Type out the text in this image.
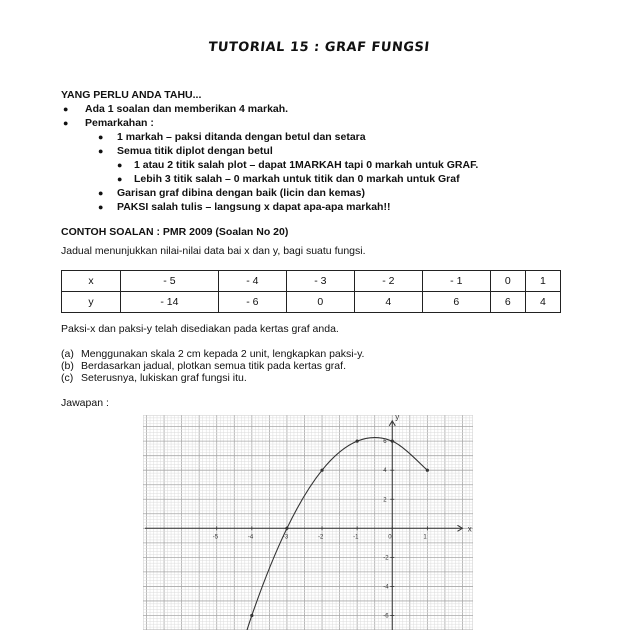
TUTORIAL 15 : GRAF FUNGSI
YANG PERLU ANDA TAHU...
● Ada 1 soalan dan memberikan 4 markah.
● Pemarkahan :
● 1 markah – paksi ditanda dengan betul dan setara
● Semua titik diplot dengan betul
● 1 atau 2 titik salah plot – dapat 1MARKAH tapi 0 markah untuk GRAF.
● Lebih 3 titik salah – 0 markah untuk titik dan 0 markah untuk Graf
● Garisan graf dibina dengan baik (licin dan kemas)
● PAKSI salah tulis – langsung x dapat apa-apa markah!!
CONTOH SOALAN : PMR 2009 (Soalan No 20)
Jadual menunjukkan nilai-nilai data bai x dan y, bagi suatu fungsi.
x	- 5	- 4	- 3	- 2	- 1	0	1
y	- 14	- 6	0	4	6	6	4
Paksi-x dan paksi-y telah disediakan pada kertas graf anda.
(a) Menggunakan skala 2 cm kepada 2 unit, lengkapkan paksi-y.
(b) Berdasarkan jadual, plotkan semua titik pada kertas graf.
(c) Seterusnya, lukiskan graf fungsi itu.
Jawapan :
x
y
-5	-4	-3	-2	-1	0	1
6
4
2
-2
-4
-6
